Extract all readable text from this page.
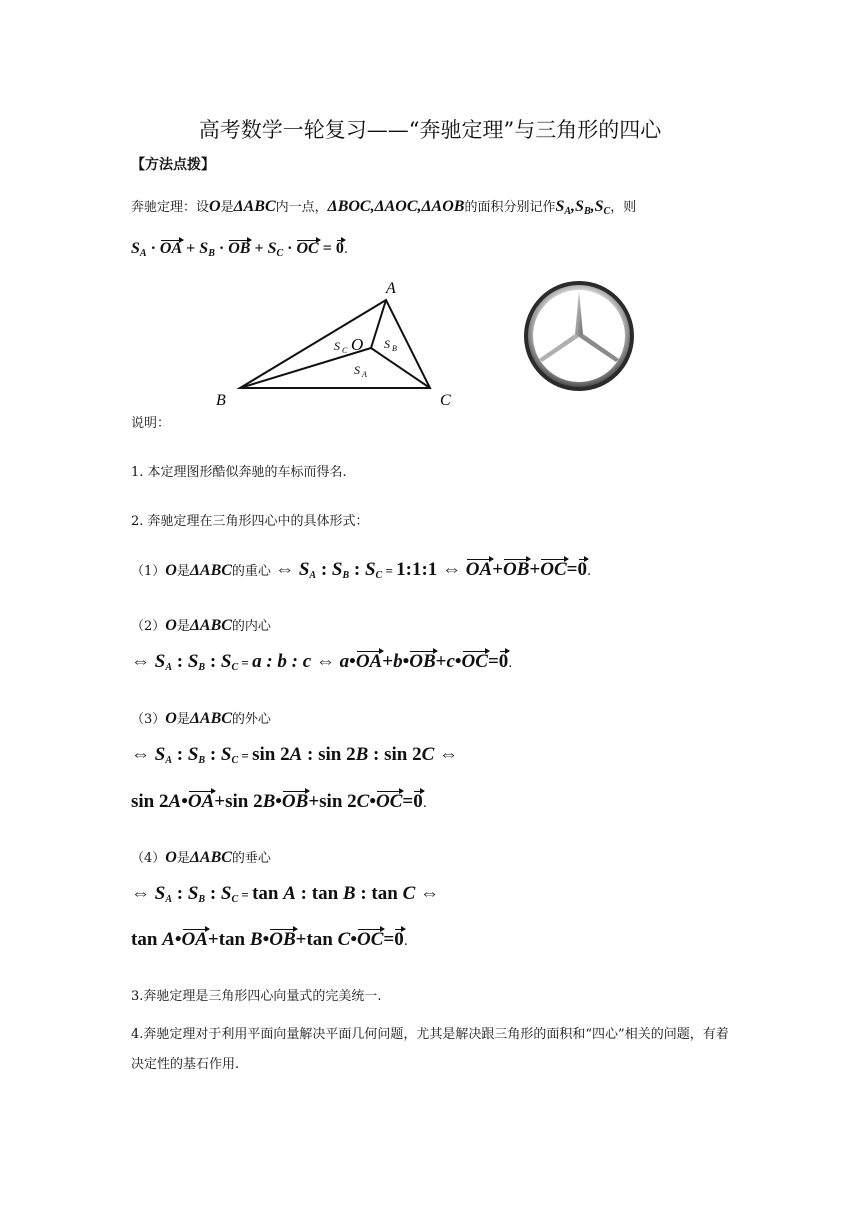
高考数学一轮复习——“奔驰定理”与三角形的四心
【方法点拨】
奔驰定理：设O是ΔABC内一点，ΔBOC,ΔAOC,ΔAOB的面积分别记作$S_A,S_B,S_C$，则
$S_A$ · OA + $S_B$ · OB + $S_C$ · OC = 0.
A
B	C
O
S C	S B
S A
说明：
1. 本定理图形酷似奔驰的车标而得名.
2. 奔驰定理在三角形四心中的具体形式：
（1）O是ΔABC的重心 ⇔ $S_A$ : $S_B$ : $S_C$ = 1:1:1 ⇔ OA+OB+OC=0.
（2）O是ΔABC的内心
⇔ $S_A$ : $S_B$ : $S_C = a$ : b : c ⇔ a•OA+b•OB+c•OC=0.
（3）O是ΔABC的外心
⇔ $S_A$ : $S_B$ : $S_C = \sin 2A$ : sin 2B : sin 2C ⇔
sin 2A•OA+sin 2B•OB+sin 2C•OC=0.
（4）O是ΔABC的垂心
⇔ $S_A$ : $S_B$ : $S_C = \tan A$ : tan B : tan C ⇔
tan A•OA+tan B•OB+tan C•OC=0.
3.奔驰定理是三角形四心向量式的完美统一.
4.奔驰定理对于利用平面向量解决平面几何问题，尤其是解决跟三角形的面积和“四心”相关的问题，有着决定性的基石作用.
